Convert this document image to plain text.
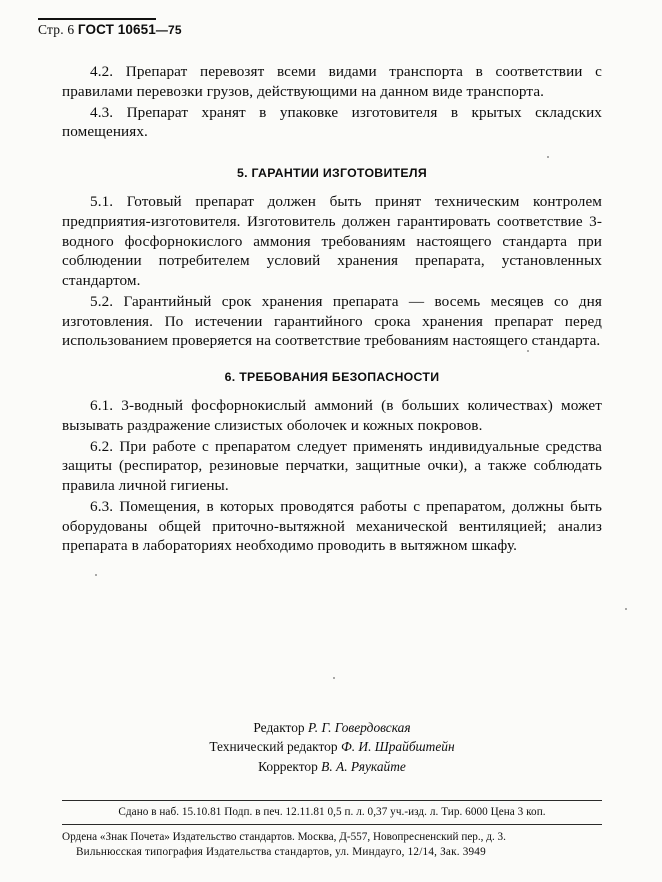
Стр. 6 ГОСТ 10651—75

4.2. Препарат перевозят всеми видами транспорта в соответствии с правилами перевозки грузов, действующими на данном виде транспорта.

4.3. Препарат хранят в упаковке изготовителя в крытых складских помещениях.

5. ГАРАНТИИ ИЗГОТОВИТЕЛЯ

5.1. Готовый препарат должен быть принят техническим контролем предприятия-изготовителя. Изготовитель должен гарантировать соответствие 3-водного фосфорнокислого аммония требованиям настоящего стандарта при соблюдении потребителем условий хранения препарата, установленных стандартом.

5.2. Гарантийный срок хранения препарата — восемь месяцев со дня изготовления. По истечении гарантийного срока хранения препарат перед использованием проверяется на соответствие требованиям настоящего стандарта.

6. ТРЕБОВАНИЯ БЕЗОПАСНОСТИ

6.1. 3-водный фосфорнокислый аммоний (в больших количествах) может вызывать раздражение слизистых оболочек и кожных покровов.

6.2. При работе с препаратом следует применять индивидуальные средства защиты (респиратор, резиновые перчатки, защитные очки), а также соблюдать правила личной гигиены.

6.3. Помещения, в которых проводятся работы с препаратом, должны быть оборудованы общей приточно-вытяжной механической вентиляцией; анализ препарата в лабораториях необходимо проводить в вытяжном шкафу.

Редактор Р. Г. Говердовская
Технический редактор Ф. И. Шрайбштейн
Корректор В. А. Ряукайте
Сдано в наб. 15.10.81 Подп. в печ. 12.11.81 0,5 п. л. 0,37 уч.-изд. л. Тир. 6000 Цена 3 коп.
Ордена «Знак Почета» Издательство стандартов. Москва, Д-557, Новопресненский пер., д. 3.
Вильнюсская типография Издательства стандартов, ул. Миндаугo, 12/14, Зак. 3949
